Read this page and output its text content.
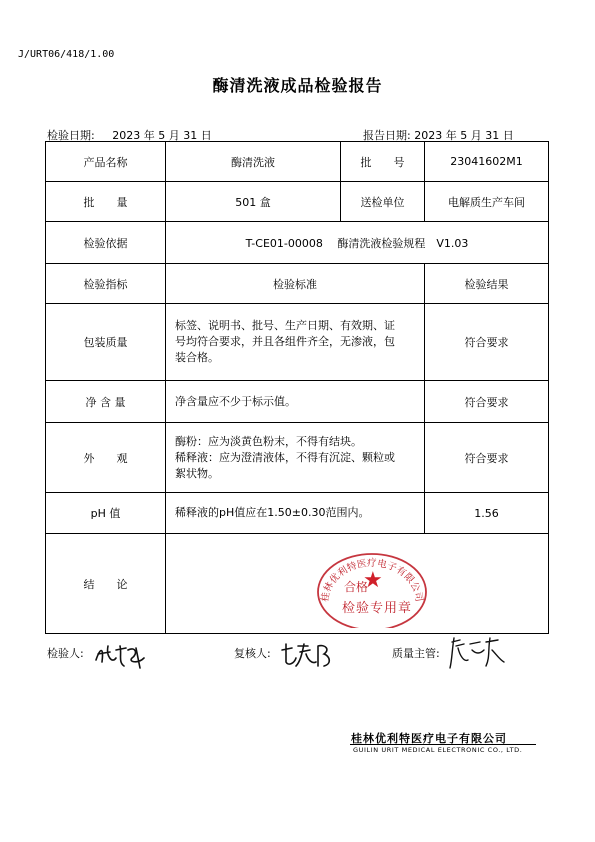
J/URT06/418/1.00
酶清洗液成品检验报告
检验日期: 2023 年 5 月 31 日	报告日期: 2023 年 5 月 31 日
产品名称	酶清洗液	批　　号	23041602M1
批　　量	501 盒	送检单位	电解质生产车间
检验依据	T-CE01-00008　 酶清洗液检验规程　V1.03		
检验指标	检验标准		检验结果
包装质量	标签、说明书、批号、生产日期、有效期、证
号均符合要求，并且各组件齐全，无渗液，包
装合格。		符合要求
净 含 量	净含量应不少于标示值。		符合要求
外　　观	酶粉：应为淡黄色粉末，不得有结块。
稀释液：应为澄清液体，不得有沉淀、颗粒或
絮状物。		符合要求
pH 值	稀释液的pH值应在1.50±0.30范围内。		1.56
结　　论			
桂林优利特医疗电子有限公司
★
合格
检验专用章
检验人:	复核人:	质量主管:
桂林优利特医疗电子有限公司
GUILIN URIT MEDICAL ELECTRONIC CO., LTD.
